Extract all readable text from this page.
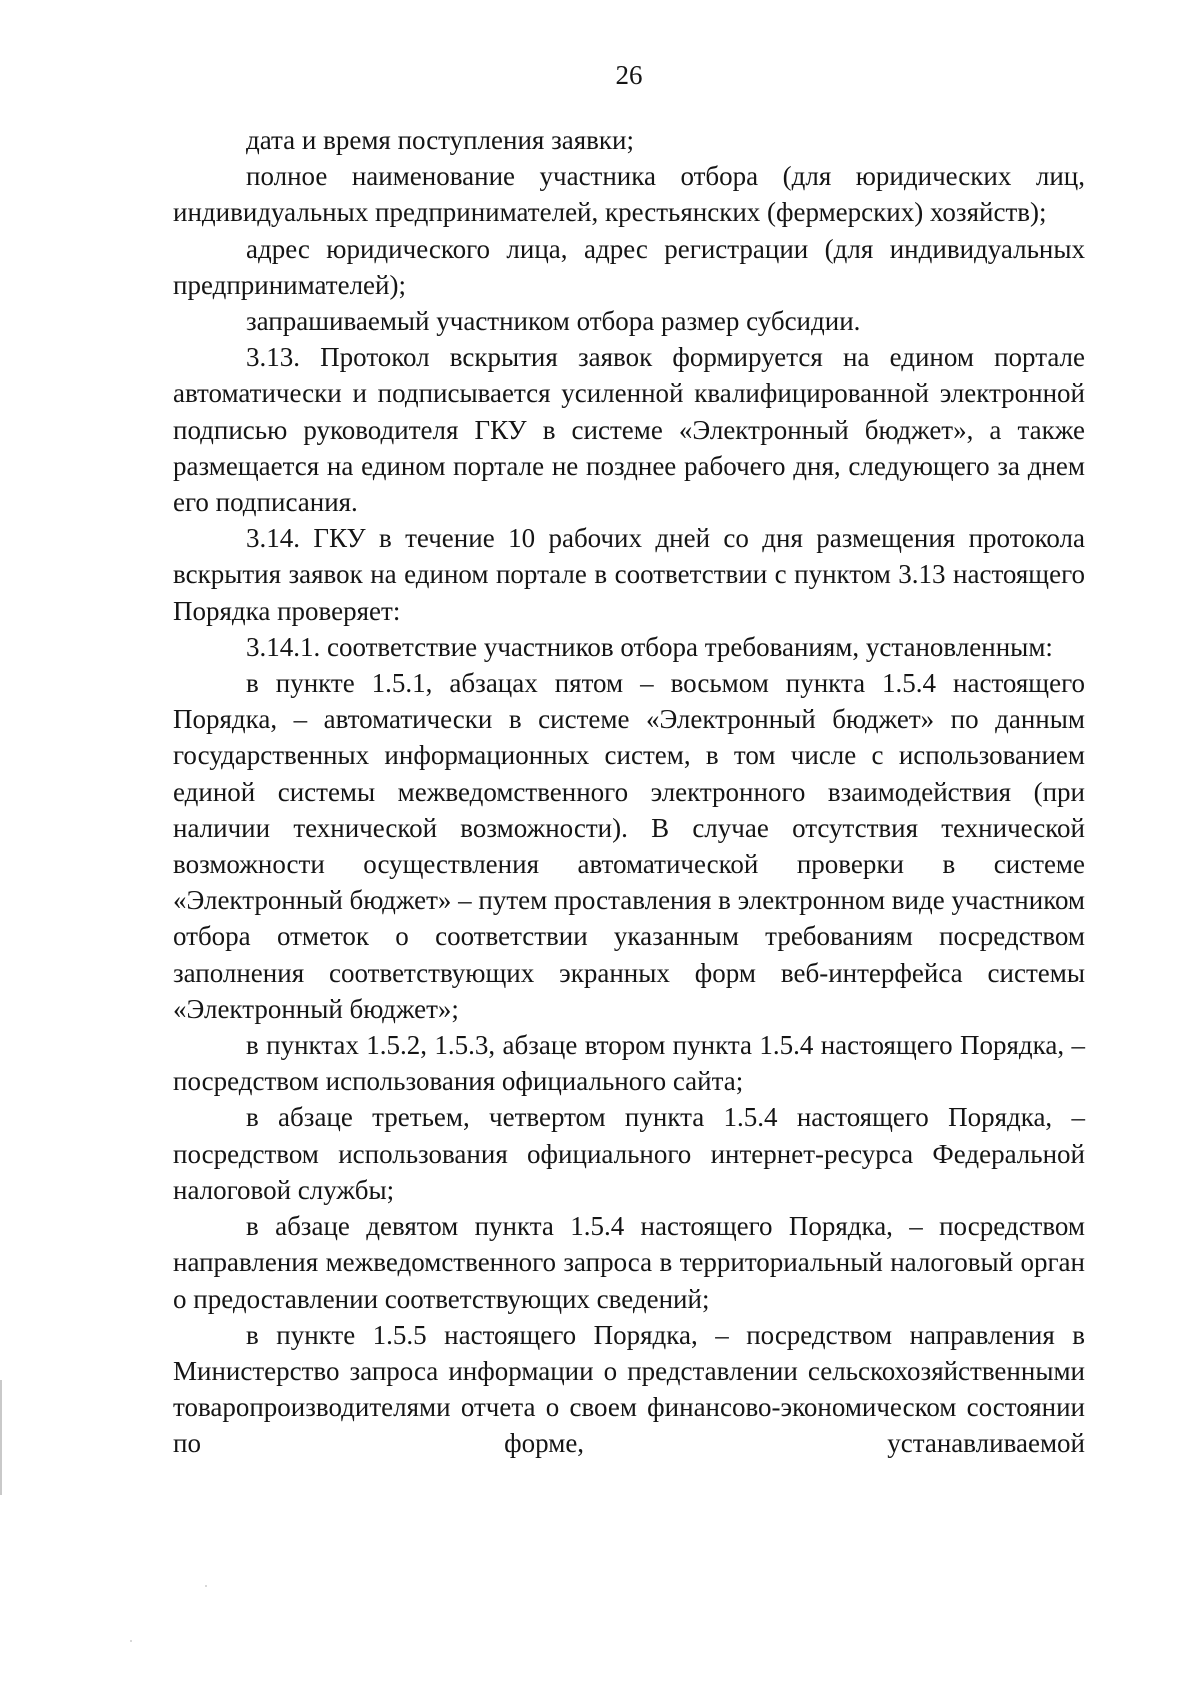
26

дата и время поступления заявки;

полное наименование участника отбора (для юридических лиц, индивидуальных предпринимателей, крестьянских (фермерских) хозяйств);

адрес юридического лица, адрес регистрации (для индивидуальных предпринимателей);

запрашиваемый участником отбора размер субсидии.

3.13. Протокол вскрытия заявок формируется на едином портале автоматически и подписывается усиленной квалифицированной электронной подписью руководителя ГКУ в системе «Электронный бюджет», а также размещается на едином портале не позднее рабочего дня, следующего за днем его подписания.

3.14. ГКУ в течение 10 рабочих дней со дня размещения протокола вскрытия заявок на едином портале в соответствии с пунктом 3.13 настоящего Порядка проверяет:

3.14.1. соответствие участников отбора требованиям, установленным:

в пункте 1.5.1, абзацах пятом – восьмом пункта 1.5.4 настоящего Порядка, – автоматически в системе «Электронный бюджет» по данным государственных информационных систем, в том числе с использованием единой системы межведомственного электронного взаимодействия (при наличии технической возможности). В случае отсутствия технической возможности осуществления автоматической проверки в системе «Электронный бюджет» – путем проставления в электронном виде участником отбора отметок о соответствии указанным требованиям посредством заполнения соответствующих экранных форм веб-интерфейса системы «Электронный бюджет»;

в пунктах 1.5.2, 1.5.3, абзаце втором пункта 1.5.4 настоящего Порядка, – посредством использования официального сайта;

в абзаце третьем, четвертом пункта 1.5.4 настоящего Порядка, – посредством использования официального интернет-ресурса Федеральной налоговой службы;

в абзаце девятом пункта 1.5.4 настоящего Порядка, – посредством направления межведомственного запроса в территориальный налоговый орган о предоставлении соответствующих сведений;

в пункте 1.5.5 настоящего Порядка, – посредством направления в Министерство запроса информации о представлении сельскохозяйственными товаропроизводителями отчета о своем финансово-экономическом состоянии по форме, устанавливаемой
